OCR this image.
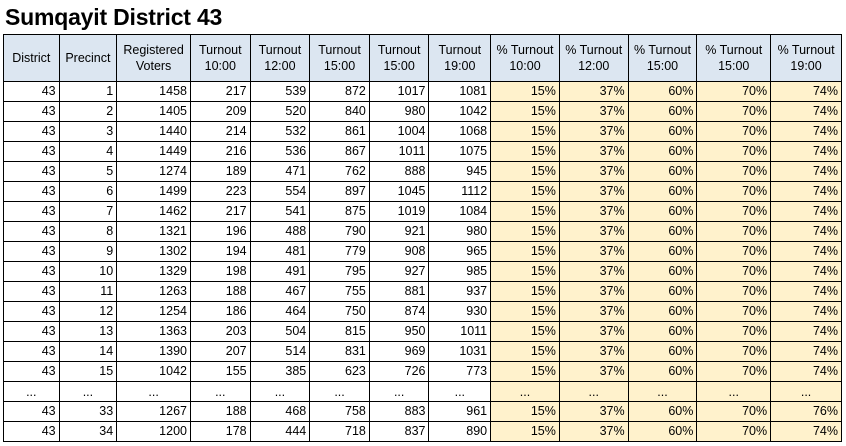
Sumqayit District 43
District	Precinct	Registered Voters	Turnout 10:00	Turnout 12:00	Turnout 15:00	Turnout 15:00	Turnout 19:00	% Turnout 10:00	% Turnout 12:00	% Turnout 15:00	% Turnout 15:00	% Turnout 19:00
43	1	1458	217	539	872	1017	1081	15%	37%	60%	70%	74%
43	2	1405	209	520	840	980	1042	15%	37%	60%	70%	74%
43	3	1440	214	532	861	1004	1068	15%	37%	60%	70%	74%
43	4	1449	216	536	867	1011	1075	15%	37%	60%	70%	74%
43	5	1274	189	471	762	888	945	15%	37%	60%	70%	74%
43	6	1499	223	554	897	1045	1112	15%	37%	60%	70%	74%
43	7	1462	217	541	875	1019	1084	15%	37%	60%	70%	74%
43	8	1321	196	488	790	921	980	15%	37%	60%	70%	74%
43	9	1302	194	481	779	908	965	15%	37%	60%	70%	74%
43	10	1329	198	491	795	927	985	15%	37%	60%	70%	74%
43	11	1263	188	467	755	881	937	15%	37%	60%	70%	74%
43	12	1254	186	464	750	874	930	15%	37%	60%	70%	74%
43	13	1363	203	504	815	950	1011	15%	37%	60%	70%	74%
43	14	1390	207	514	831	969	1031	15%	37%	60%	70%	74%
43	15	1042	155	385	623	726	773	15%	37%	60%	70%	74%
...	...	...	...	...	...	...	...	...	...	...	...	...
43	33	1267	188	468	758	883	961	15%	37%	60%	70%	76%
43	34	1200	178	444	718	837	890	15%	37%	60%	70%	74%
